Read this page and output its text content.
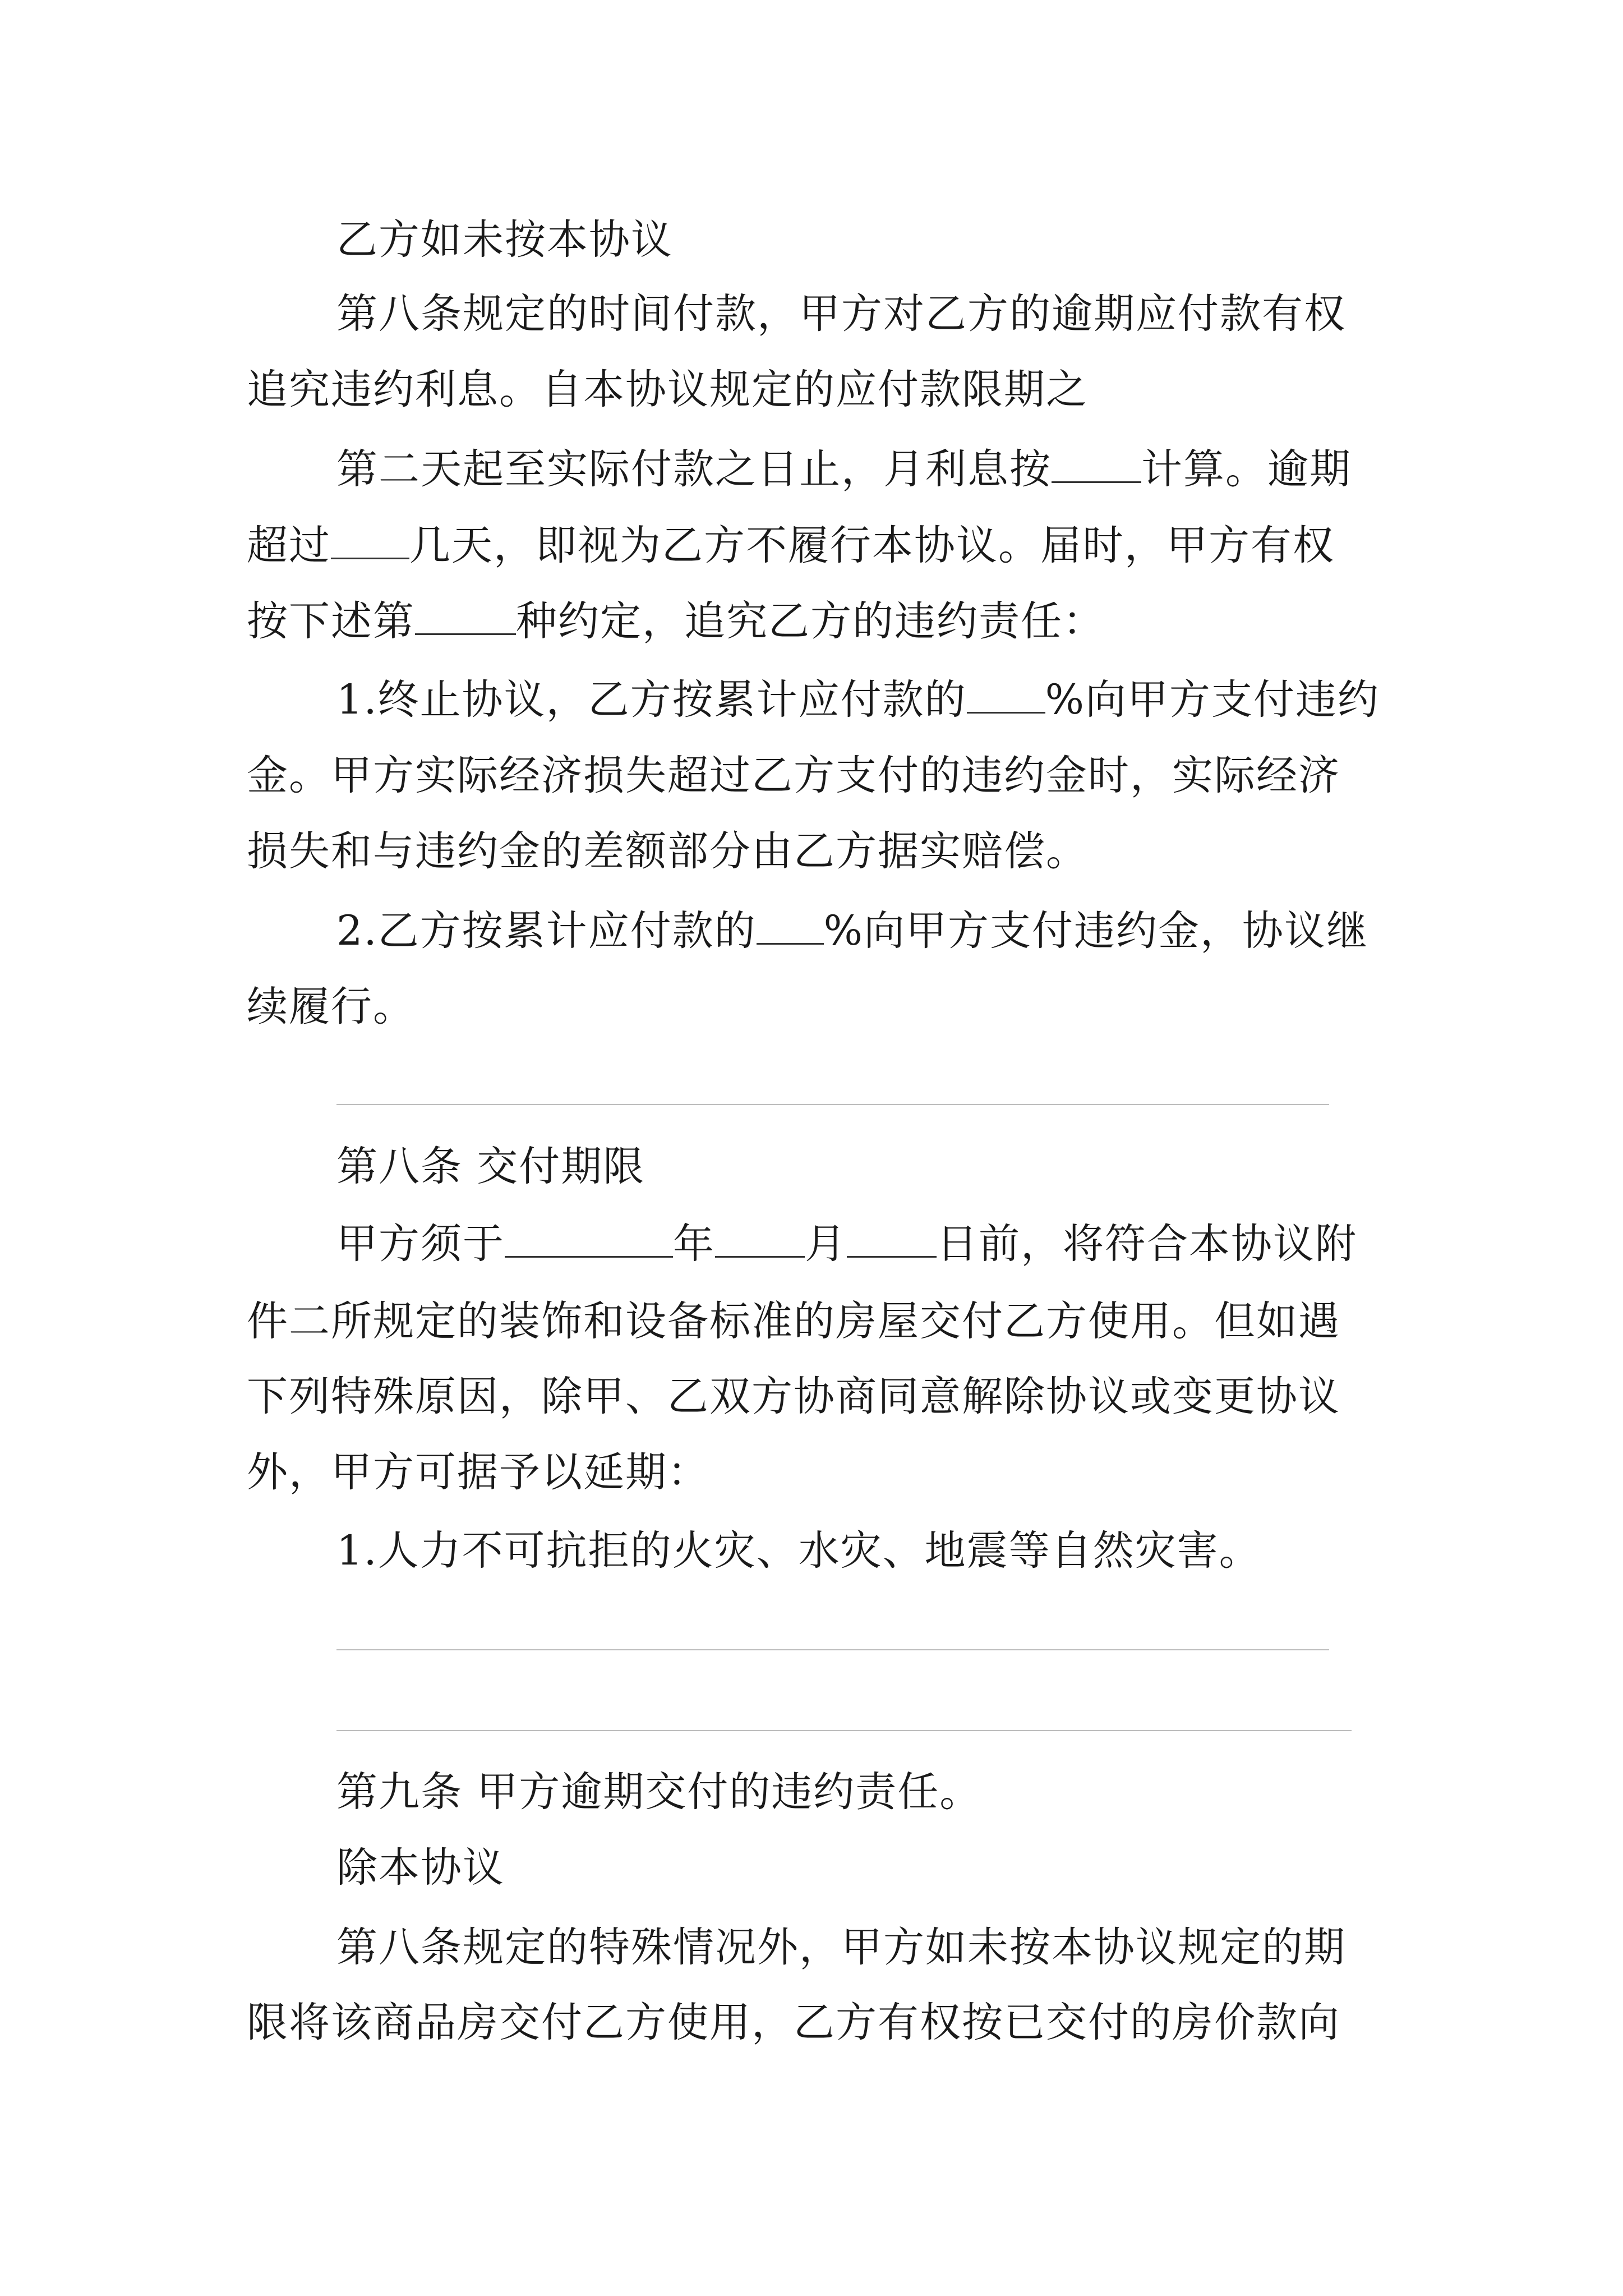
乙方如未按本协议
第八条规定的时间付款，甲方对乙方的逾期应付款有权
追究违约利息。自本协议规定的应付款限期之
第二天起至实际付款之日止，月利息按 计算。逾期
超过 几天，即视为乙方不履行本协议。届时，甲方有权
按下述第 种约定，追究乙方的违约责任：
1.终止协议，乙方按累计应付款的 %向甲方支付违约
金。甲方实际经济损失超过乙方支付的违约金时，实际经济
损失和与违约金的差额部分由乙方据实赔偿。
2.乙方按累计应付款的 %向甲方支付违约金，协议继
续履行。
第八条 交付期限
甲方须于	年 月 日前，将符合本协议附
件二所规定的装饰和设备标准的房屋交付乙方使用。但如遇
下列特殊原因，除甲、乙双方协商同意解除协议或变更协议
外，甲方可据予以延期：
1.人力不可抗拒的火灾、水灾、地震等自然灾害。
第九条 甲方逾期交付的违约责任。
除本协议
第八条规定的特殊情况外，甲方如未按本协议规定的期
限将该商品房交付乙方使用，乙方有权按已交付的房价款向
